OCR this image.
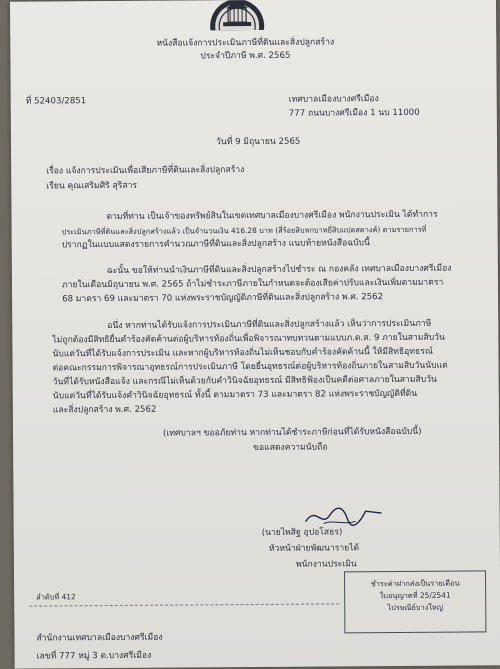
หนังสือแจ้งการประเมินภาษีที่ดินและสิ่งปลูกสร้าง
ประจำปีภาษี พ.ศ. 2565
ที่ 52403/2851	เทศบาลเมืองบางศรีเมือง
777 ถนนบางศรีเมือง 1 นบ 11000
วันที่ 9 มิถุนายน 2565
เรื่อง แจ้งการประเมินเพื่อเสียภาษีที่ดินและสิ่งปลูกสร้าง
เรียน คุณเสริมศิริ สุริสาร
ตามที่ท่าน เป็นเจ้าของทรัพย์สินในเขตเทศบาลเมืองบางศรีเมือง พนักงานประเมิน ได้ทำการ
ประเมินภาษีที่ดินและสิ่งปลูกสร้างแล้ว เป็นจำนวนเงิน 416.28 บาท (สี่ร้อยสิบหกบาทยี่สิบแปดสตางค์) ตามรายการที่
ปรากฏในแบบแสดงรายการคำนวณภาษีที่ดินและสิ่งปลูกสร้าง แนบท้ายหนังสือฉบับนี้
ฉะนั้น ขอให้ท่านนำเงินภาษีที่ดินและสิ่งปลูกสร้างไปชำระ ณ กองคลัง เทศบาลเมืองบางศรีเมือง
ภายในเดือนมิถุนายน พ.ศ. 2565 ถ้าไม่ชำระภาษีภายในกำหนดจะต้องเสียค่าปรับและเงินเพิ่มตามมาตรา
68 มาตรา 69 และมาตรา 70 แห่งพระราชบัญญัติภาษีที่ดินและสิ่งปลูกสร้าง พ.ศ. 2562
อนึ่ง หากท่านได้รับแจ้งการประเมินภาษีที่ดินและสิ่งปลูกสร้างแล้ว เห็นว่าการประเมินภาษี
ไม่ถูกต้องมีสิทธิยื่นคำร้องคัดค้านต่อผู้บริหารท้องถิ่นเพื่อพิจารณาทบทวนตามแบบภ.ด.ส. 9 ภายในสามสิบวัน
นับแต่วันที่ได้รับแจ้งการประเมิน และหากผู้บริหารท้องถิ่นไม่เห็นชอบกับคำร้องคัดค้านนี้ ให้มีสิทธิอุทธรณ์
ต่อคณะกรรมการพิจารณาอุทธรณ์การประเมินภาษี โดยยื่นอุทธรณ์ต่อผู้บริหารท้องถิ่นภายในสามสิบวันนับแต่
วันที่ได้รับหนังสือแจ้ง และกรณีไม่เห็นด้วยกับคำวินิจฉัยอุทธรณ์ มีสิทธิฟ้องเป็นคดีต่อศาลภายในสามสิบวัน
นับแต่วันที่ได้รับแจ้งคำวินิจฉัยอุทธรณ์ ทั้งนี้ ตามมาตรา 73 และมาตรา 82 แห่งพระราชบัญญัติที่ดิน
และสิ่งปลูกสร้าง พ.ศ. 2562
(เทศบาลฯ ขออภัยท่าน หากท่านได้ชำระภาษีก่อนที่ได้รับหนังสือฉบับนี้)
ขอแสดงความนับถือ
(นายไพสิฐ อุปอโสธร)
หัวหน้าฝ่ายพัฒนารายได้
พนักงานประเมิน
ลำดับที่ 412
ชำระค่าฝากส่งเป็นรายเดือน
ใบอนุญาตที่ 25/2541
ไปรษณีย์บางใหญ่
สำนักงานเทศบาลเมืองบางศรีเมือง
เลขที่ 777 หมู่ 3 ต.บางศรีเมือง
